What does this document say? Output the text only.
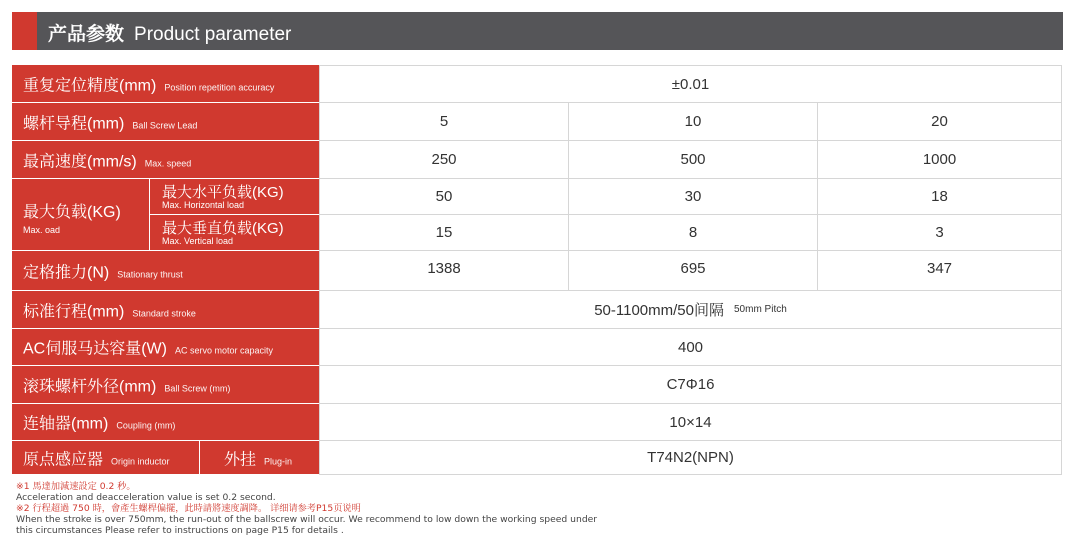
产品参数 Product parameter
重复定位精度(mm) Position repetition accuracy	±0.01
螺杆导程(mm) Ball Screw Lead	5	10	20
最高速度(mm/s) Max. speed	250	500	1000
最大负载(KG)
Max. oad
最大水平负载(KG)
Max. Horizontal load	50	30	18
最大垂直负载(KG)
Max. Vertical load	15	8	3
定格推力(N) Stationary thrust	1388	695	347
标准行程(mm) Standard stroke	50-1100mm/50间隔 50mm Pitch
AC伺服马达容量(W) AC servo motor capacity	400
滚珠螺杆外径(mm) Ball Screw (mm)	C7Φ16
连轴器(mm) Coupling (mm)	10×14
原点感应器 Origin inductor	外挂 Plug-in	T74N2(NPN)
※1 馬達加減速設定 0.2 秒。
Acceleration and deacceleration value is set 0.2 second.
※2 行程超過 750 時，會產生螺桿偏擺，此時請將速度調降。 详细请参考P15页说明
When the stroke is over 750mm, the run-out of the ballscrew will occur. We recommend to low down the working speed under
this circumstances Please refer to instructions on page P15 for details .
